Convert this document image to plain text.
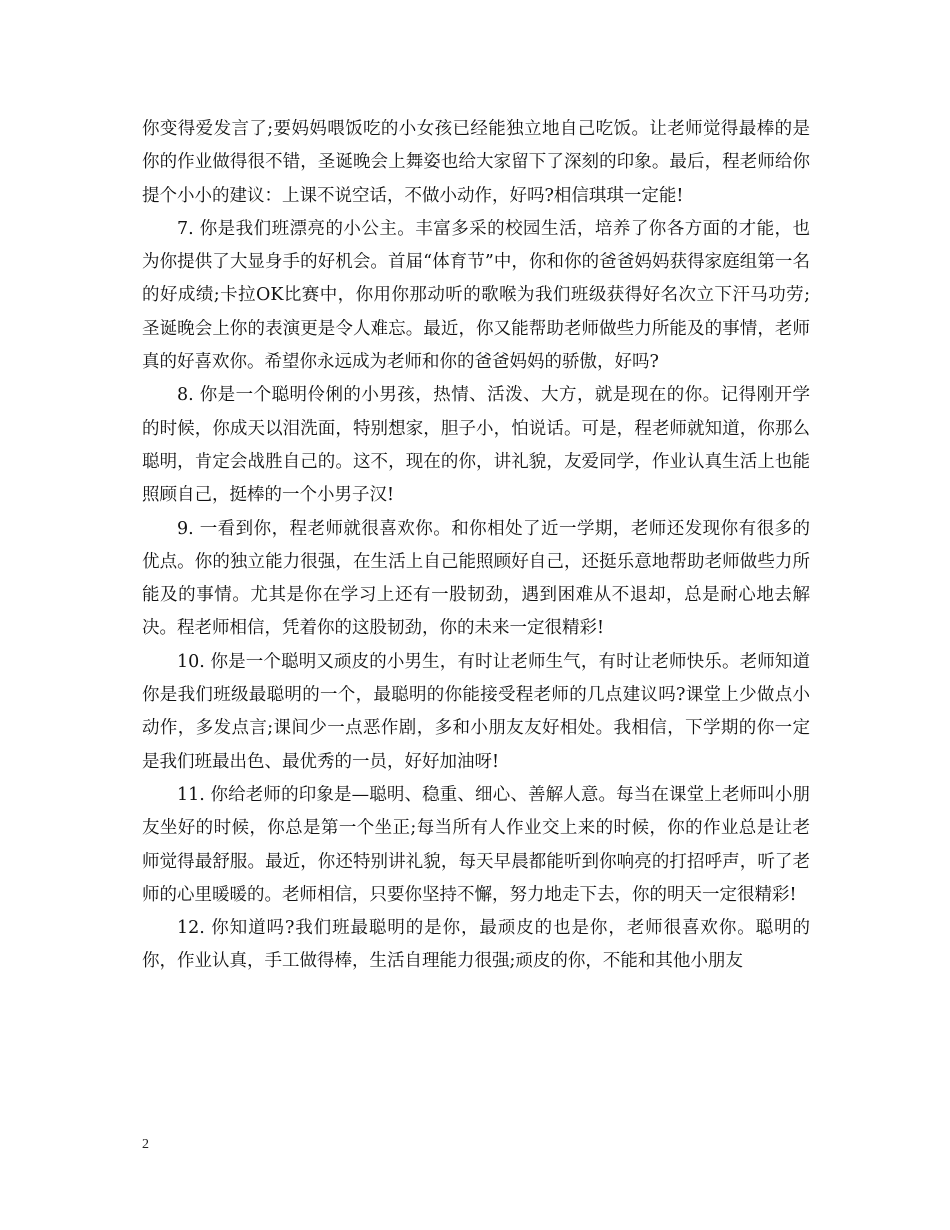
你变得爱发言了;要妈妈喂饭吃的小女孩已经能独立地自己吃饭。让老师觉得最棒的是你的作业做得很不错，圣诞晚会上舞姿也给大家留下了深刻的印象。最后，程老师给你提个小小的建议：上课不说空话，不做小动作，好吗?相信琪琪一定能!

7. 你是我们班漂亮的小公主。丰富多采的校园生活，培养了你各方面的才能，也为你提供了大显身手的好机会。首届“体育节”中，你和你的爸爸妈妈获得家庭组第一名的好成绩;卡拉OK比赛中，你用你那动听的歌喉为我们班级获得好名次立下汗马功劳;圣诞晚会上你的表演更是令人难忘。最近，你又能帮助老师做些力所能及的事情，老师真的好喜欢你。希望你永远成为老师和你的爸爸妈妈的骄傲，好吗?

8. 你是一个聪明伶俐的小男孩，热情、活泼、大方，就是现在的你。记得刚开学的时候，你成天以泪洗面，特别想家，胆子小，怕说话。可是，程老师就知道，你那么聪明，肯定会战胜自己的。这不，现在的你，讲礼貌，友爱同学，作业认真生活上也能照顾自己，挺棒的一个小男子汉!

9. 一看到你，程老师就很喜欢你。和你相处了近一学期，老师还发现你有很多的优点。你的独立能力很强，在生活上自己能照顾好自己，还挺乐意地帮助老师做些力所能及的事情。尤其是你在学习上还有一股韧劲，遇到困难从不退却，总是耐心地去解决。程老师相信，凭着你的这股韧劲，你的未来一定很精彩!

10. 你是一个聪明又顽皮的小男生，有时让老师生气，有时让老师快乐。老师知道你是我们班级最聪明的一个，最聪明的你能接受程老师的几点建议吗?课堂上少做点小动作，多发点言;课间少一点恶作剧，多和小朋友友好相处。我相信，下学期的你一定是我们班最出色、最优秀的一员，好好加油呀!

11. 你给老师的印象是—聪明、稳重、细心、善解人意。每当在课堂上老师叫小朋友坐好的时候，你总是第一个坐正;每当所有人作业交上来的时候，你的作业总是让老师觉得最舒服。最近，你还特别讲礼貌，每天早晨都能听到你响亮的打招呼声，听了老师的心里暖暖的。老师相信，只要你坚持不懈，努力地走下去，你的明天一定很精彩!

12. 你知道吗?我们班最聪明的是你，最顽皮的也是你，老师很喜欢你。聪明的你，作业认真，手工做得棒，生活自理能力很强;顽皮的你，不能和其他小朋友

2
